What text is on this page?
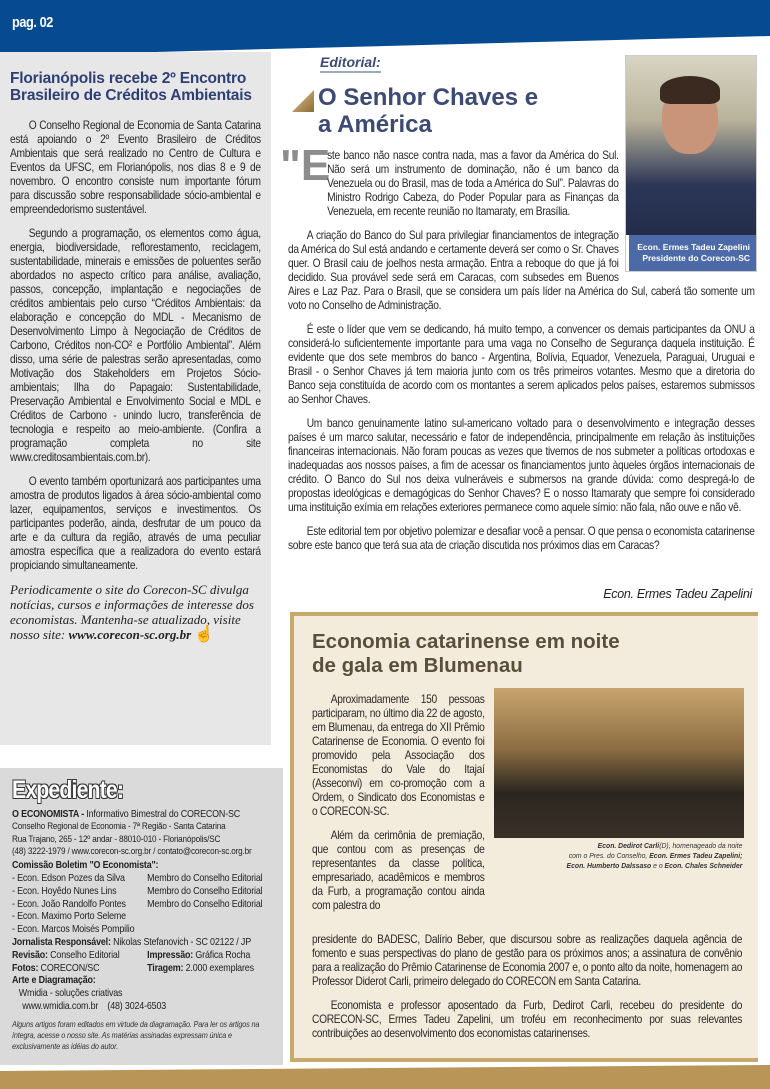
pag. 02
Florianópolis recebe 2º Encontro Brasileiro de Créditos Ambientais

O Conselho Regional de Economia de Santa Catarina está apoiando o 2º Evento Brasileiro de Créditos Ambientais que será realizado no Centro de Cultura e Eventos da UFSC, em Florianópolis, nos dias 8 e 9 de novembro. O encontro consiste num importante fórum para discussão sobre responsabilidade sócio-ambiental e empreendedorismo sustentável.

Segundo a programação, os elementos como água, energia, biodiversidade, reflorestamento, reciclagem, sustentabilidade, minerais e emissões de poluentes serão abordados no aspecto crítico para análise, avaliação, passos, concepção, implantação e negociações de créditos ambientais pelo curso “Créditos Ambientais: da elaboração e concepção do MDL - Mecanismo de Desenvolvimento Limpo à Negociação de Créditos de Carbono, Créditos non-CO² e Portfólio Ambiental”. Além disso, uma série de palestras serão apresentadas, como Motivação dos Stakeholders em Projetos Sócio-ambientais; Ilha do Papagaio: Sustentabilidade, Preservação Ambiental e Envolvimento Social e MDL e Créditos de Carbono - unindo lucro, transferência de tecnologia e respeito ao meio-ambiente. (Confira a programação completa no site www.creditosambientais.com.br).

O evento também oportunizará aos participantes uma amostra de produtos ligados à área sócio-ambiental como lazer, equipamentos, serviços e investimentos. Os participantes poderão, ainda, desfrutar de um pouco da arte e da cultura da região, através de uma peculiar amostra específica que a realizadora do evento estará propiciando simultaneamente.

Periodicamente o site do Corecon-SC divulga notícias, cursos e informações de interesse dos economistas. Mantenha-se atualizado, visite nosso site: www.corecon-sc.org.br ☝
Expediente:
O ECONOMISTA - Informativo Bimestral do CORECON-SC
Conselho Regional de Economia - 7ª Região - Santa Catarina
Rua Trajano, 265 - 12º andar - 88010-010 - Florianópolis/SC
(48) 3222-1979 / www.corecon-sc.org.br / contato@corecon-sc.org.br
Comissão Boletim "O Economista":
- Econ. Edson Pozes da Silva	Membro do Conselho Editorial
- Econ. Hoyêdo Nunes Lins	Membro do Conselho Editorial
- Econ. João Randolfo Pontes	Membro do Conselho Editorial
- Econ. Maximo Porto Seleme
- Econ. Marcos Moisés Pompilio
Jornalista Responsável: Nikolas Stefanovich - SC 02122 / JP
Revisão: Conselho Editorial	Impressão: Gráfica Rocha
Fotos: CORECON/SC	Tiragem: 2.000 exemplares
Arte e Diagramação:
Wmidia - soluções criativas
www.wmidia.com.br    (48) 3024-6503
Alguns artigos foram editados em virtude da diagramação. Para ler os artigos na íntegra, acesse o nosso site. As matérias assinadas expressam única e exclusivamente as idéias do autor.
Editorial:
O Senhor Chaves e
a América
Econ. Ermes Tadeu Zapelini
Presidente do Corecon-SC
"E

ste banco não nasce contra nada, mas a favor da América do Sul. Não será um instrumento de dominação, não é um banco da Venezuela ou do Brasil, mas de toda a América do Sul”. Palavras do Ministro Rodrigo Cabeza, do Poder Popular para as Finanças da Venezuela, em recente reunião no Itamaraty, em Brasília.

A criação do Banco do Sul para privilegiar financiamentos de integração da América do Sul está andando e certamente deverá ser como o Sr. Chaves quer. O Brasil caiu de joelhos nesta armação. Entra a reboque do que já foi decidido. Sua provável sede será em Caracas, com subsedes em Buenos Aires e Laz Paz. Para o Brasil, que se considera um país líder na América do Sul, caberá tão somente um voto no Conselho de Administração.

É este o líder que vem se dedicando, há muito tempo, a convencer os demais participantes da ONU a considerá-lo suficientemente importante para uma vaga no Conselho de Segurança daquela instituição. É evidente que dos sete membros do banco - Argentina, Bolívia, Equador, Venezuela, Paraguai, Uruguai e Brasil - o Senhor Chaves já tem maioria junto com os três primeiros votantes. Mesmo que a diretoria do Banco seja constituída de acordo com os montantes a serem aplicados pelos países, estaremos submissos ao Senhor Chaves.

Um banco genuinamente latino sul-americano voltado para o desenvolvimento e integração desses países é um marco salutar, necessário e fator de independência, principalmente em relação às instituições financeiras internacionais. Não foram poucas as vezes que tivemos de nos submeter a políticas ortodoxas e inadequadas aos nossos países, a fim de acessar os financiamentos junto àqueles órgãos internacionais de crédito. O Banco do Sul nos deixa vulneráveis e submersos na grande dúvida: como despregá-lo de propostas ideológicas e demagógicas do Senhor Chaves? E o nosso Itamaraty que sempre foi considerado uma instituição exímia em relações exteriores permanece como aquele símio: não fala, não ouve e não vê.

Este editorial tem por objetivo polemizar e desafiar você a pensar. O que pensa o economista catarinense sobre este banco que terá sua ata de criação discutida nos próximos dias em Caracas?

Econ. Ermes Tadeu Zapelini
Economia catarinense em noite
de gala em Blumenau

Aproximadamente 150 pessoas participaram, no último dia 22 de agosto, em Blumenau, da entrega do XII Prêmio Catarinense de Economia. O evento foi promovido pela Associação dos Economistas do Vale do Itajaí (Asseconvi) em co-promoção com a Ordem, o Sindicato dos Economistas e o CORECON-SC.

Além da cerimônia de premiação, que contou com as presenças de representantes da classe política, empresariado, acadêmicos e membros da Furb, a programação contou ainda com palestra do

Econ. Dedirot Carli(D), homenageado da noite
com o Pres. do Conselho, Econ. Ermes Tadeu Zapelini;
Econ. Humberto Dalssaso e o Econ. Chales Schneider

presidente do BADESC, Dalírio Beber, que discursou sobre as realizações daquela agência de fomento e suas perspectivas do plano de gestão para os próximos anos; a assinatura de convênio para a realização do Prêmio Catarinense de Economia 2007 e, o ponto alto da noite, homenagem ao Professor Diderot Carli, primeiro delegado do CORECON em Santa Catarina.

Economista e professor aposentado da Furb, Dedirot Carli, recebeu do presidente do CORECON-SC, Ermes Tadeu Zapelini, um troféu em reconhecimento por suas relevantes contribuições ao desenvolvimento dos economistas catarinenses.
